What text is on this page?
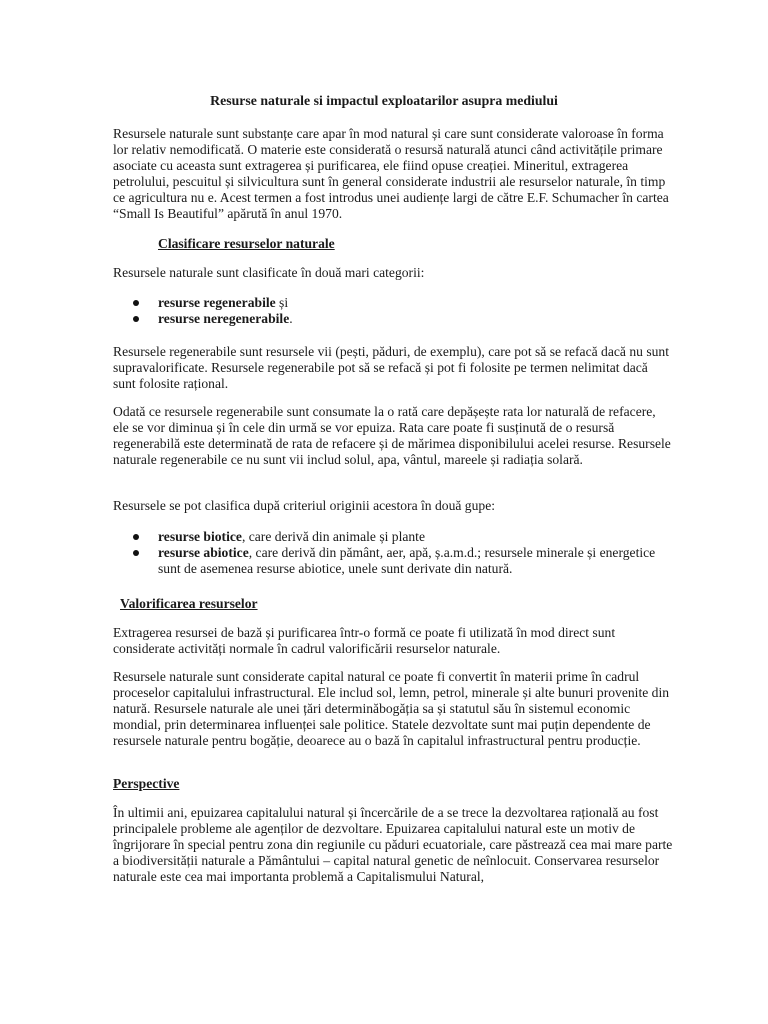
Resurse naturale si impactul exploatarilor asupra mediului

Resursele naturale sunt substanțe care apar în mod natural și care sunt considerate valoroase în forma lor relativ nemodificată. O materie este considerată o resursă naturală atunci când activitățile primare asociate cu aceasta sunt extragerea și purificarea, ele fiind opuse creației. Mineritul, extragerea petrolului, pescuitul și silvicultura sunt în general considerate industrii ale resurselor naturale, în timp ce agricultura nu e. Acest termen a fost introdus unei audiențe largi de către E.F. Schumacher în cartea “Small Is Beautiful” apărută în anul 1970.

Clasificare resurselor naturale

Resursele naturale sunt clasificate în două mari categorii:

resurse regenerabile și
resurse neregenerabile.

Resursele regenerabile sunt resursele vii (pești, păduri, de exemplu), care pot să se refacă dacă nu sunt supravalorificate. Resursele regenerabile pot să se refacă și pot fi folosite pe termen nelimitat dacă sunt folosite rațional.

Odată ce resursele regenerabile sunt consumate la o rată care depășește rata lor naturală de refacere, ele se vor diminua și în cele din urmă se vor epuiza. Rata care poate fi susținută de o resursă regenerabilă este determinată de rata de refacere și de mărimea disponibilului acelei resurse. Resursele naturale regenerabile ce nu sunt vii includ solul, apa, vântul, mareele și radiația solară.

Resursele se pot clasifica după criteriul originii acestora în două gupe:

resurse biotice, care derivă din animale și plante
resurse abiotice, care derivă din pământ, aer, apă, ș.a.m.d.; resursele minerale și energetice sunt de asemenea resurse abiotice, unele sunt derivate din natură.
Valorificarea resurselor

Extragerea resursei de bază și purificarea într-o formă ce poate fi utilizată în mod direct sunt considerate activități normale în cadrul valorificării resurselor naturale.

Resursele naturale sunt considerate capital natural ce poate fi convertit în materii prime în cadrul proceselor capitalului infrastructural. Ele includ sol, lemn, petrol, minerale și alte bunuri provenite din natură. Resursele naturale ale unei țări determinăbogăția sa și statutul său în sistemul economic mondial, prin determinarea influenței sale politice. Statele dezvoltate sunt mai puțin dependente de resursele naturale pentru bogăție, deoarece au o bază în capitalul infrastructural pentru producție.

Perspective

În ultimii ani, epuizarea capitalului natural și încercările de a se trece la dezvoltarea rațională au fost principalele probleme ale agenților de dezvoltare. Epuizarea capitalului natural este un motiv de îngrijorare în special pentru zona din regiunile cu păduri ecuatoriale, care păstrează cea mai mare parte a biodiversității naturale a Pământului – capital natural genetic de neînlocuit. Conservarea resurselor naturale este cea mai importanta problemă a Capitalismului Natural,
